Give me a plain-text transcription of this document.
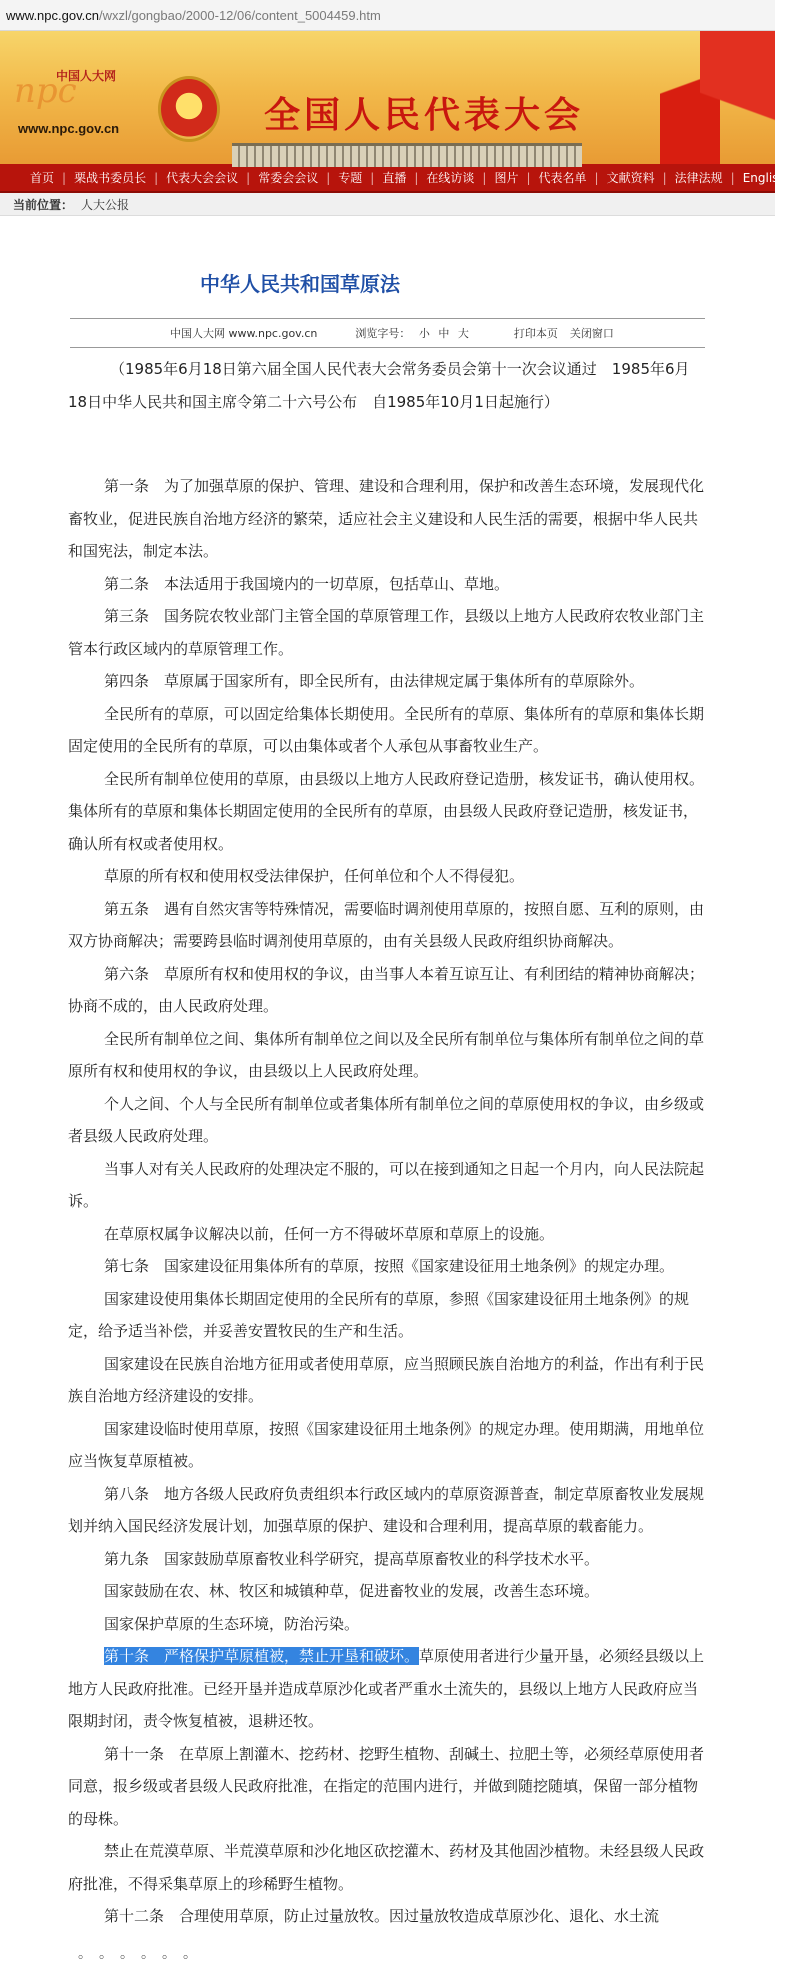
www.npc.gov.cn /wxzl/gongbao/2000-12/06/content_5004459.htm
npc
中国人大网
www.npc.gov.cn	全国人民代表大会
首页 | 栗战书委员长 | 代表大会会议 | 常委会会议 | 专题 | 直播 | 在线访谈 | 图片 | 代表名单 | 文献资料 | 法律法规 | English
当前位置： 人大公报
中华人民共和国草原法
中国人大网 www.npc.gov.cn	浏览字号： 小 中 大	打印本页 关闭窗口

（1985年6月18日第六届全国人民代表大会常务委员会第十一次会议通过　1985年6月18日中华人民共和国主席令第二十六号公布　自1985年10月1日起施行）

第一条　为了加强草原的保护、管理、建设和合理利用，保护和改善生态环境，发展现代化畜牧业，促进民族自治地方经济的繁荣，适应社会主义建设和人民生活的需要，根据中华人民共和国宪法，制定本法。

第二条　本法适用于我国境内的一切草原，包括草山、草地。

第三条　国务院农牧业部门主管全国的草原管理工作，县级以上地方人民政府农牧业部门主管本行政区域内的草原管理工作。

第四条　草原属于国家所有，即全民所有，由法律规定属于集体所有的草原除外。

全民所有的草原，可以固定给集体长期使用。全民所有的草原、集体所有的草原和集体长期固定使用的全民所有的草原，可以由集体或者个人承包从事畜牧业生产。

全民所有制单位使用的草原，由县级以上地方人民政府登记造册，核发证书，确认使用权。集体所有的草原和集体长期固定使用的全民所有的草原，由县级人民政府登记造册，核发证书，确认所有权或者使用权。

草原的所有权和使用权受法律保护，任何单位和个人不得侵犯。

第五条　遇有自然灾害等特殊情况，需要临时调剂使用草原的，按照自愿、互利的原则，由双方协商解决；需要跨县临时调剂使用草原的，由有关县级人民政府组织协商解决。

第六条　草原所有权和使用权的争议，由当事人本着互谅互让、有利团结的精神协商解决；协商不成的，由人民政府处理。

全民所有制单位之间、集体所有制单位之间以及全民所有制单位与集体所有制单位之间的草原所有权和使用权的争议，由县级以上人民政府处理。

个人之间、个人与全民所有制单位或者集体所有制单位之间的草原使用权的争议，由乡级或者县级人民政府处理。

当事人对有关人民政府的处理决定不服的，可以在接到通知之日起一个月内，向人民法院起诉。

在草原权属争议解决以前，任何一方不得破坏草原和草原上的设施。

第七条　国家建设征用集体所有的草原，按照《国家建设征用土地条例》的规定办理。

国家建设使用集体长期固定使用的全民所有的草原，参照《国家建设征用土地条例》的规定，给予适当补偿，并妥善安置牧民的生产和生活。

国家建设在民族自治地方征用或者使用草原，应当照顾民族自治地方的利益，作出有利于民族自治地方经济建设的安排。

国家建设临时使用草原，按照《国家建设征用土地条例》的规定办理。使用期满，用地单位应当恢复草原植被。

第八条　地方各级人民政府负责组织本行政区域内的草原资源普查，制定草原畜牧业发展规划并纳入国民经济发展计划，加强草原的保护、建设和合理利用，提高草原的载畜能力。

第九条　国家鼓励草原畜牧业科学研究，提高草原畜牧业的科学技术水平。

国家鼓励在农、林、牧区和城镇种草，促进畜牧业的发展，改善生态环境。

国家保护草原的生态环境，防治污染。

第十条　严格保护草原植被，禁止开垦和破坏。草原使用者进行少量开垦，必须经县级以上地方人民政府批准。已经开垦并造成草原沙化或者严重水土流失的，县级以上地方人民政府应当限期封闭，责令恢复植被，退耕还牧。

第十一条　在草原上割灌木、挖药材、挖野生植物、刮碱土、拉肥土等，必须经草原使用者同意，报乡级或者县级人民政府批准，在指定的范围内进行，并做到随挖随填，保留一部分植物的母株。

禁止在荒漠草原、半荒漠草原和沙化地区砍挖灌木、药材及其他固沙植物。未经县级人民政府批准，不得采集草原上的珍稀野生植物。

第十二条　合理使用草原，防止过量放牧。因过量放牧造成草原沙化、退化、水土流

。。。。。。
